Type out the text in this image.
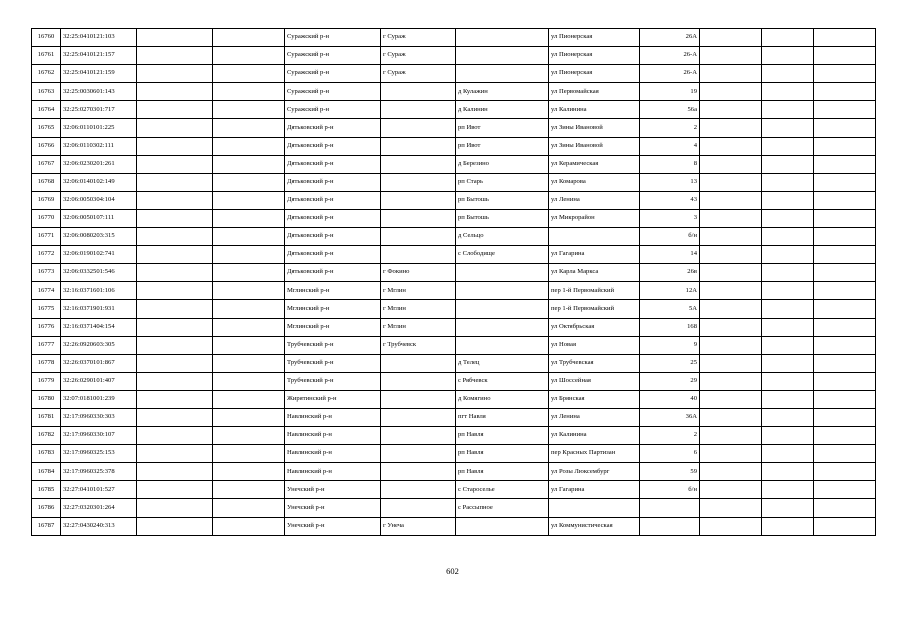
16760	32:25:0410121:103			Суражский р-н	г Сураж		ул Пионерская	26А			
16761	32:25:0410121:157			Суражский р-н	г Сураж		ул Пионерская	26-А			
16762	32:25:0410121:159			Суражский р-н	г Сураж		ул Пионерская	26-А			
16763	32:25:0030601:143			Суражский р-н		д Кулажин	ул Первомайская	19			
16764	32:25:0270301:717			Суражский р-н		д Калинин	ул Калинина	56а			
16765	32:06:0110101:225			Дятьковский р-н		рп Ивот	ул Зины Ивановой	2			
16766	32:06:0110302:111			Дятьковский р-н		рп Ивот	ул Зины Ивановой	4			
16767	32:06:0230201:261			Дятьковский р-н		д Березино	ул Керамическая	8			
16768	32:06:0140102:149			Дятьковский р-н		рп Старь	ул Комарова	13			
16769	32:06:0050304:104			Дятьковский р-н		рп Бытошь	ул Ленина	43			
16770	32:06:0050107:111			Дятьковский р-н		рп Бытошь	ул Микрорайон	3			
16771	32:06:0080203:315			Дятьковский р-н		д Сельцо		б/н			
16772	32:06:0190102:741			Дятьковский р-н		с Слободище	ул Гагарина	14			
16773	32:06:0332501:546			Дятьковский р-н	г Фокино		ул Карла Маркса	26в			
16774	32:16:0371601:106			Мглинский р-н	г Мглин		пер 1-й Первомайский	12А			
16775	32:16:0371901:931			Мглинский р-н	г Мглин		пер 1-й Первомайский	5А			
16776	32:16:0371404:154			Мглинский р-н	г Мглин		ул Октябрьская	168			
16777	32:26:0920603:305			Трубчевский р-н	г Трубчевск		ул Новая	9			
16778	32:26:0370101:867			Трубчевский р-н		д Телец	ул Трубчевская	25			
16779	32:26:0290101:407			Трубчевский р-н		с Рябчевск	ул Шоссейная	29			
16780	32:07:0181001:239			Жирятинский р-н		д Комягино	ул Брянская	40			
16781	32:17:0960330:303			Навлинский р-н		пгт Навля	ул Ленина	36А			
16782	32:17:0960330:107			Навлинский р-н		рп Навля	ул Калинина	2			
16783	32:17:0960325:153			Навлинский р-н		рп Навля	пер Красных Партизан	6			
16784	32:17:0960325:378			Навлинский р-н		рп Навля	ул Розы Люксембург	59			
16785	32:27:0410101:527			Унечский р-н		с Староселье	ул Гагарина	б/н			
16786	32:27:0320301:264			Унечский р-н		с Рассыпное					
16787	32:27:0430240:313			Унечский р-н	г Унеча		ул Коммунистическая				
602
